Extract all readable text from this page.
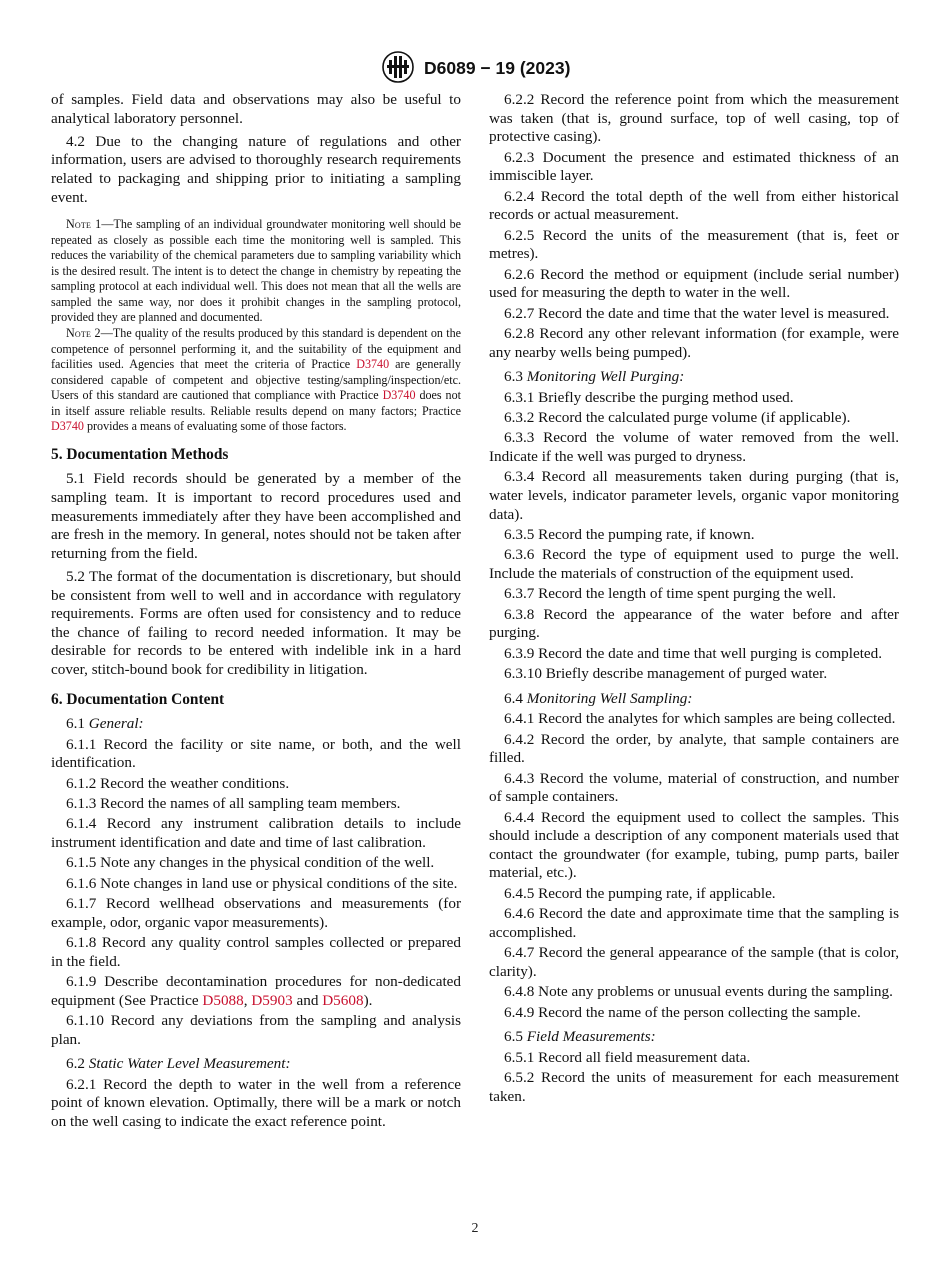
D6089 − 19 (2023)

of samples. Field data and observations may also be useful to analytical laboratory personnel.

4.2 Due to the changing nature of regulations and other information, users are advised to thoroughly research requirements related to packaging and shipping prior to initiating a sampling event.

Note 1—The sampling of an individual groundwater monitoring well should be repeated as closely as possible each time the monitoring well is sampled. This reduces the variability of the chemical parameters due to sampling variability which is the desired result. The intent is to detect the change in chemistry by repeating the sampling protocol at each individual well. This does not mean that all the wells are sampled the same way, nor does it prohibit changes in the sampling protocol, provided they are planned and documented.

Note 2—The quality of the results produced by this standard is dependent on the competence of personnel performing it, and the suitability of the equipment and facilities used. Agencies that meet the criteria of Practice D3740 are generally considered capable of competent and objective testing/sampling/inspection/etc. Users of this standard are cautioned that compliance with Practice D3740 does not in itself assure reliable results. Reliable results depend on many factors; Practice D3740 provides a means of evaluating some of those factors.

5. Documentation Methods

5.1 Field records should be generated by a member of the sampling team. It is important to record procedures used and measurements immediately after they have been accomplished and are fresh in the memory. In general, notes should not be taken after returning from the field.

5.2 The format of the documentation is discretionary, but should be consistent from well to well and in accordance with regulatory requirements. Forms are often used for consistency and to reduce the chance of failing to record needed information. It may be desirable for records to be entered with indelible ink in a hard cover, stitch-bound book for credibility in litigation.

6. Documentation Content

6.1 General:

6.1.1 Record the facility or site name, or both, and the well identification.

6.1.2 Record the weather conditions.

6.1.3 Record the names of all sampling team members.

6.1.4 Record any instrument calibration details to include instrument identification and date and time of last calibration.

6.1.5 Note any changes in the physical condition of the well.

6.1.6 Note changes in land use or physical conditions of the site.

6.1.7 Record wellhead observations and measurements (for example, odor, organic vapor measurements).

6.1.8 Record any quality control samples collected or prepared in the field.

6.1.9 Describe decontamination procedures for non-dedicated equipment (See Practice D5088, D5903 and D5608).

6.1.10 Record any deviations from the sampling and analysis plan.

6.2 Static Water Level Measurement:

6.2.1 Record the depth to water in the well from a reference point of known elevation. Optimally, there will be a mark or notch on the well casing to indicate the exact reference point.

6.2.2 Record the reference point from which the measurement was taken (that is, ground surface, top of well casing, top of protective casing).

6.2.3 Document the presence and estimated thickness of an immiscible layer.

6.2.4 Record the total depth of the well from either historical records or actual measurement.

6.2.5 Record the units of the measurement (that is, feet or metres).

6.2.6 Record the method or equipment (include serial number) used for measuring the depth to water in the well.

6.2.7 Record the date and time that the water level is measured.

6.2.8 Record any other relevant information (for example, were any nearby wells being pumped).

6.3 Monitoring Well Purging:

6.3.1 Briefly describe the purging method used.

6.3.2 Record the calculated purge volume (if applicable).

6.3.3 Record the volume of water removed from the well. Indicate if the well was purged to dryness.

6.3.4 Record all measurements taken during purging (that is, water levels, indicator parameter levels, organic vapor monitoring data).

6.3.5 Record the pumping rate, if known.

6.3.6 Record the type of equipment used to purge the well. Include the materials of construction of the equipment used.

6.3.7 Record the length of time spent purging the well.

6.3.8 Record the appearance of the water before and after purging.

6.3.9 Record the date and time that well purging is completed.

6.3.10 Briefly describe management of purged water.

6.4 Monitoring Well Sampling:

6.4.1 Record the analytes for which samples are being collected.

6.4.2 Record the order, by analyte, that sample containers are filled.

6.4.3 Record the volume, material of construction, and number of sample containers.

6.4.4 Record the equipment used to collect the samples. This should include a description of any component materials used that contact the groundwater (for example, tubing, pump parts, bailer material, etc.).

6.4.5 Record the pumping rate, if applicable.

6.4.6 Record the date and approximate time that the sampling is accomplished.

6.4.7 Record the general appearance of the sample (that is color, clarity).

6.4.8 Note any problems or unusual events during the sampling.

6.4.9 Record the name of the person collecting the sample.

6.5 Field Measurements:

6.5.1 Record all field measurement data.

6.5.2 Record the units of measurement for each measurement taken.

2
